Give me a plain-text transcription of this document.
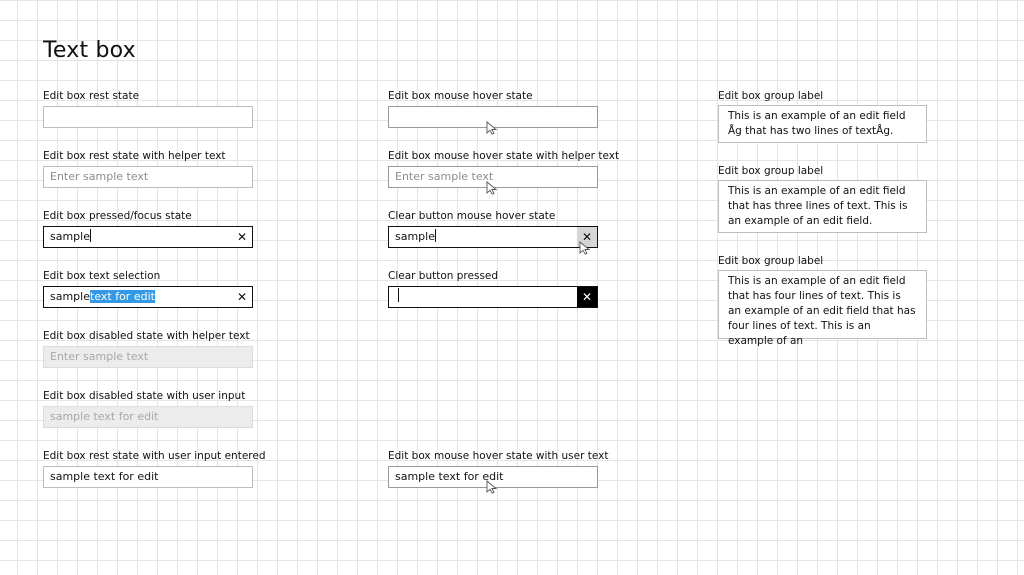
Text box
Edit box rest state
Edit box rest state with helper text
Enter sample text
Edit box pressed/focus state
sample	✕
Edit box text selection
sampletext for edit	✕
Edit box disabled state with helper text
Enter sample text
Edit box disabled state with user input
sample text for edit
Edit box rest state with user input entered
sample text for edit
Edit box mouse hover state
Edit box mouse hover state with helper text
Enter sample text
Clear button mouse hover state
sample	✕
Clear button pressed
✕
Edit box mouse hover state with user text
sample text for edit
Edit box group label
This is an example of an edit field Åg that has two lines of textÅg.
Edit box group label
This is an example of an edit field that has three lines of text. This is an example of an edit field.
Edit box group label
This is an example of an edit field that has four lines of text. This is an example of an edit field that has four lines of text. This is an example of an
